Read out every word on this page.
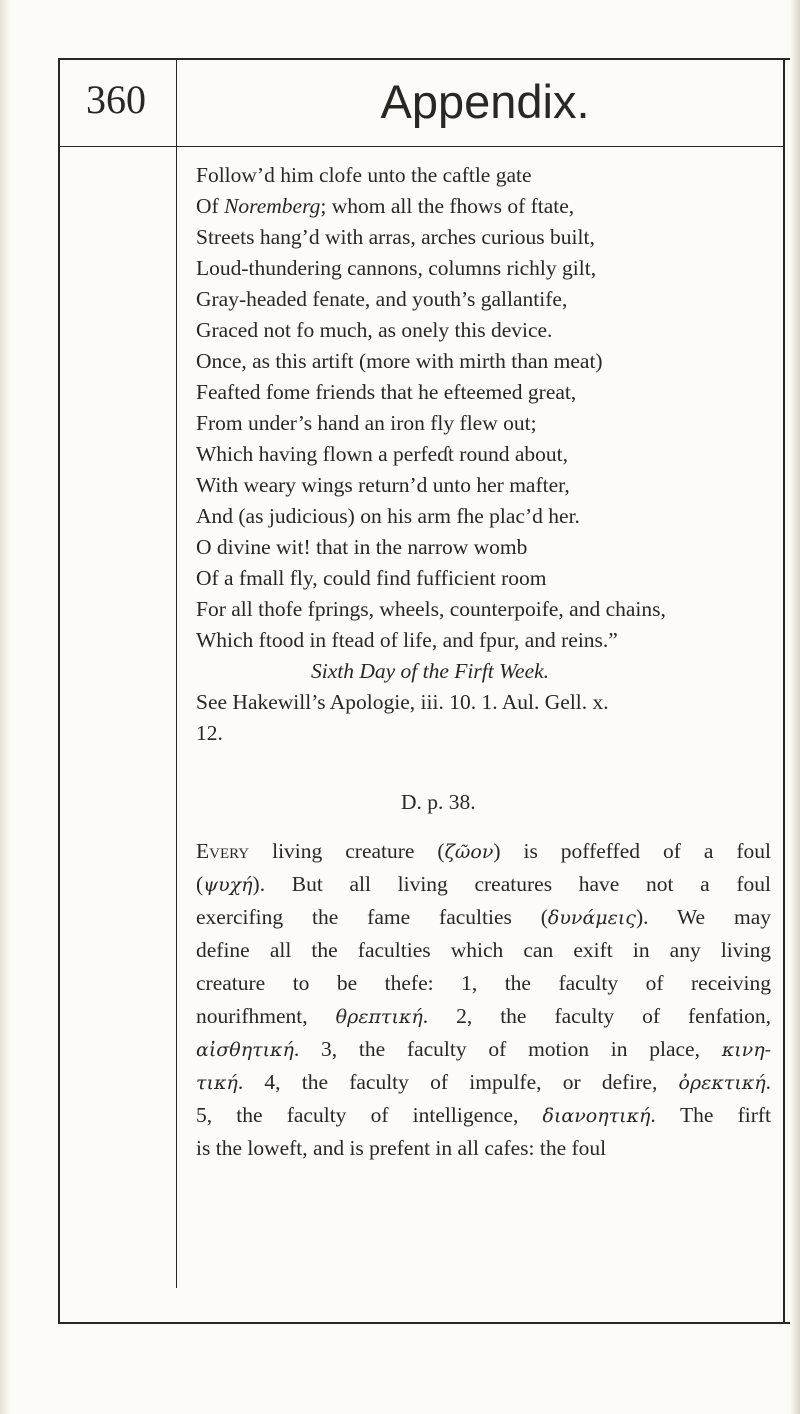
360	Appendix.
Follow’d him clofe unto the caftle gate
Of Noremberg; whom all the fhows of ftate,
Streets hang’d with arras, arches curious built,
Loud-thundering cannons, columns richly gilt,
Gray-headed fenate, and youth’s gallantife,
Graced not fo much, as onely this device.
Once, as this artift (more with mirth than meat)
Feafted fome friends that he efteemed great,
From under’s hand an iron fly flew out;
Which having flown a perfeɗt round about,
With weary wings return’d unto her mafter,
And (as judicious) on his arm fhe plac’d her.
O divine wit! that in the narrow womb
Of a fmall fly, could find fufficient room
For all thofe fprings, wheels, counterpoife, and chains,
Which ftood in ftead of life, and fpur, and reins.”
Sixth Day of the Firft Week.
See Hakewill’s Apologie, iii. 10. 1. Aul. Gell. x.
12.
D. p. 38.
Every living creature (ζῶον) is poffeffed of a foul
(ψυχή). But all living creatures have not a foul
exercifing the fame faculties (δυνάμεις). We may
define all the faculties which can exift in any living
creature to be thefe: 1, the faculty of receiving
nourifhment, θρεπτική. 2, the faculty of fenfation,
αἰσθητική. 3, the faculty of motion in place, κινη-
τική. 4, the faculty of impulfe, or defire, ὀρεκτική.
5, the faculty of intelligence, διανοητική. The firft
is the loweft, and is prefent in all cafes: the foul
